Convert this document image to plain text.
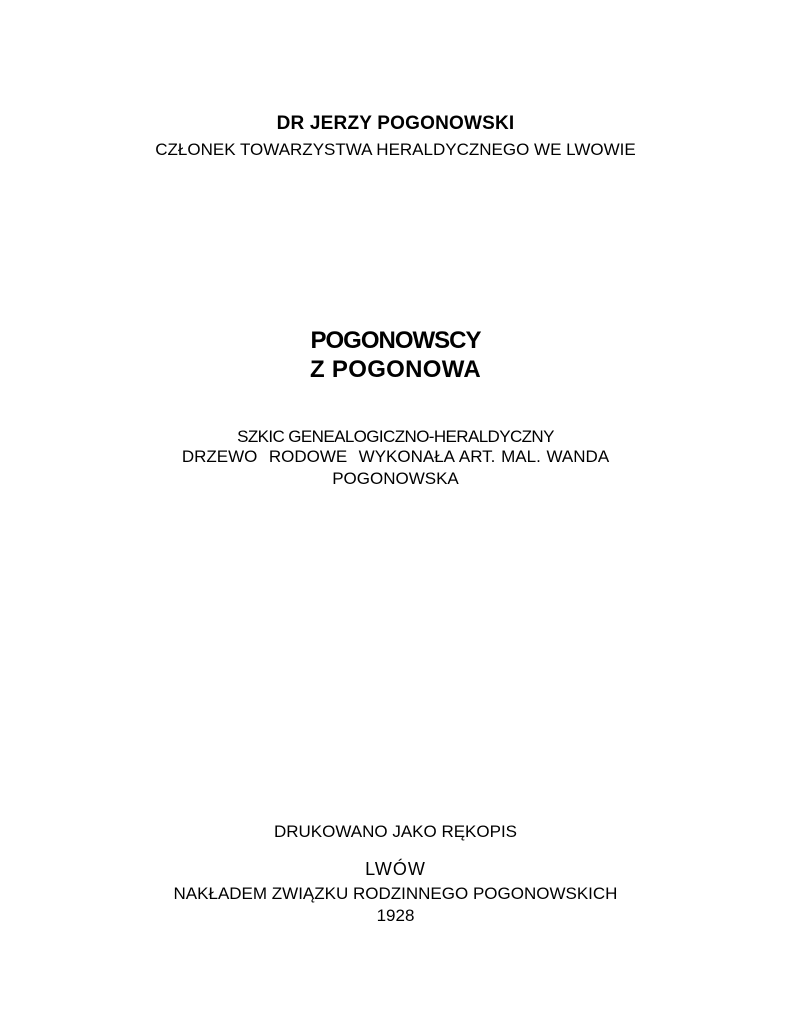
DR JERZY POGONOWSKI
CZŁONEK TOWARZYSTWA HERALDYCZNEGO WE LWOWIE
POGONOWSCY
Z POGONOWA
SZKIC GENEALOGICZNO-HERALDYCZNY
DRZEWO  RODOWE  WYKONAŁA ART. MAL. WANDA
POGONOWSKA
DRUKOWANO JAKO RĘKOPIS
LWÓW
NAKŁADEM ZWIĄZKU RODZINNEGO POGONOWSKICH
1928
